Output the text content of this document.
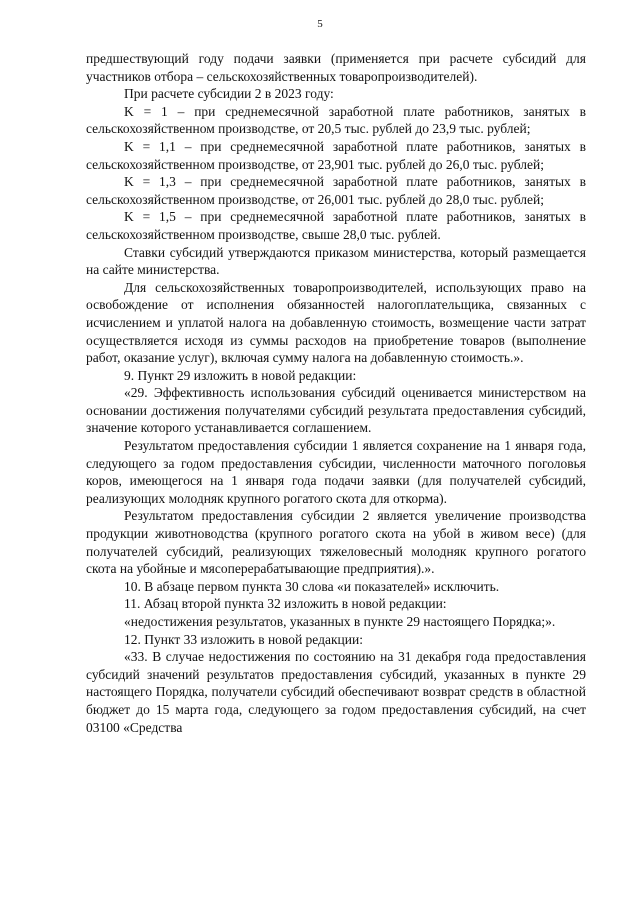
5

предшествующий году подачи заявки (применяется при расчете субсидий для участников отбора – сельскохозяйственных товаропроизводителей).

При расчете субсидии 2 в 2023 году:

K = 1 – при среднемесячной заработной плате работников, занятых в сельскохозяйственном производстве, от 20,5 тыс. рублей до 23,9 тыс. рублей;

K = 1,1 – при среднемесячной заработной плате работников, занятых в сельскохозяйственном производстве, от 23,901 тыс. рублей до 26,0 тыс. рублей;

K = 1,3 – при среднемесячной заработной плате работников, занятых в сельскохозяйственном производстве, от 26,001 тыс. рублей до 28,0 тыс. рублей;

K = 1,5 – при среднемесячной заработной плате работников, занятых в сельскохозяйственном производстве, свыше 28,0 тыс. рублей.

Ставки субсидий утверждаются приказом министерства, который размещается на сайте министерства.

Для сельскохозяйственных товаропроизводителей, использующих право на освобождение от исполнения обязанностей налогоплательщика, связанных с исчислением и уплатой налога на добавленную стоимость, возмещение части затрат осуществляется исходя из суммы расходов на приобретение товаров (выполнение работ, оказание услуг), включая сумму налога на добавленную стоимость.».

9. Пункт 29 изложить в новой редакции:

«29. Эффективность использования субсидий оценивается министерством на основании достижения получателями субсидий результата предоставления субсидий, значение которого устанавливается соглашением.

Результатом предоставления субсидии 1 является сохранение на 1 января года, следующего за годом предоставления субсидии, численности маточного поголовья коров, имеющегося на 1 января года подачи заявки (для получателей субсидий, реализующих молодняк крупного рогатого скота для откорма).

Результатом предоставления субсидии 2 является увеличение производства продукции животноводства (крупного рогатого скота на убой в живом весе) (для получателей субсидий, реализующих тяжеловесный молодняк крупного рогатого скота на убойные и мясоперерабатывающие предприятия).».

10. В абзаце первом пункта 30 слова «и показателей» исключить.

11. Абзац второй пункта 32 изложить в новой редакции:

«недостижения результатов, указанных в пункте 29 настоящего Порядка;».

12. Пункт 33 изложить в новой редакции:

«33. В случае недостижения по состоянию на 31 декабря года предоставления субсидий значений результатов предоставления субсидий, указанных в пункте 29 настоящего Порядка, получатели субсидий обеспечивают возврат средств в областной бюджет до 15 марта года, следующего за годом предоставления субсидий, на счет 03100 «Средства
